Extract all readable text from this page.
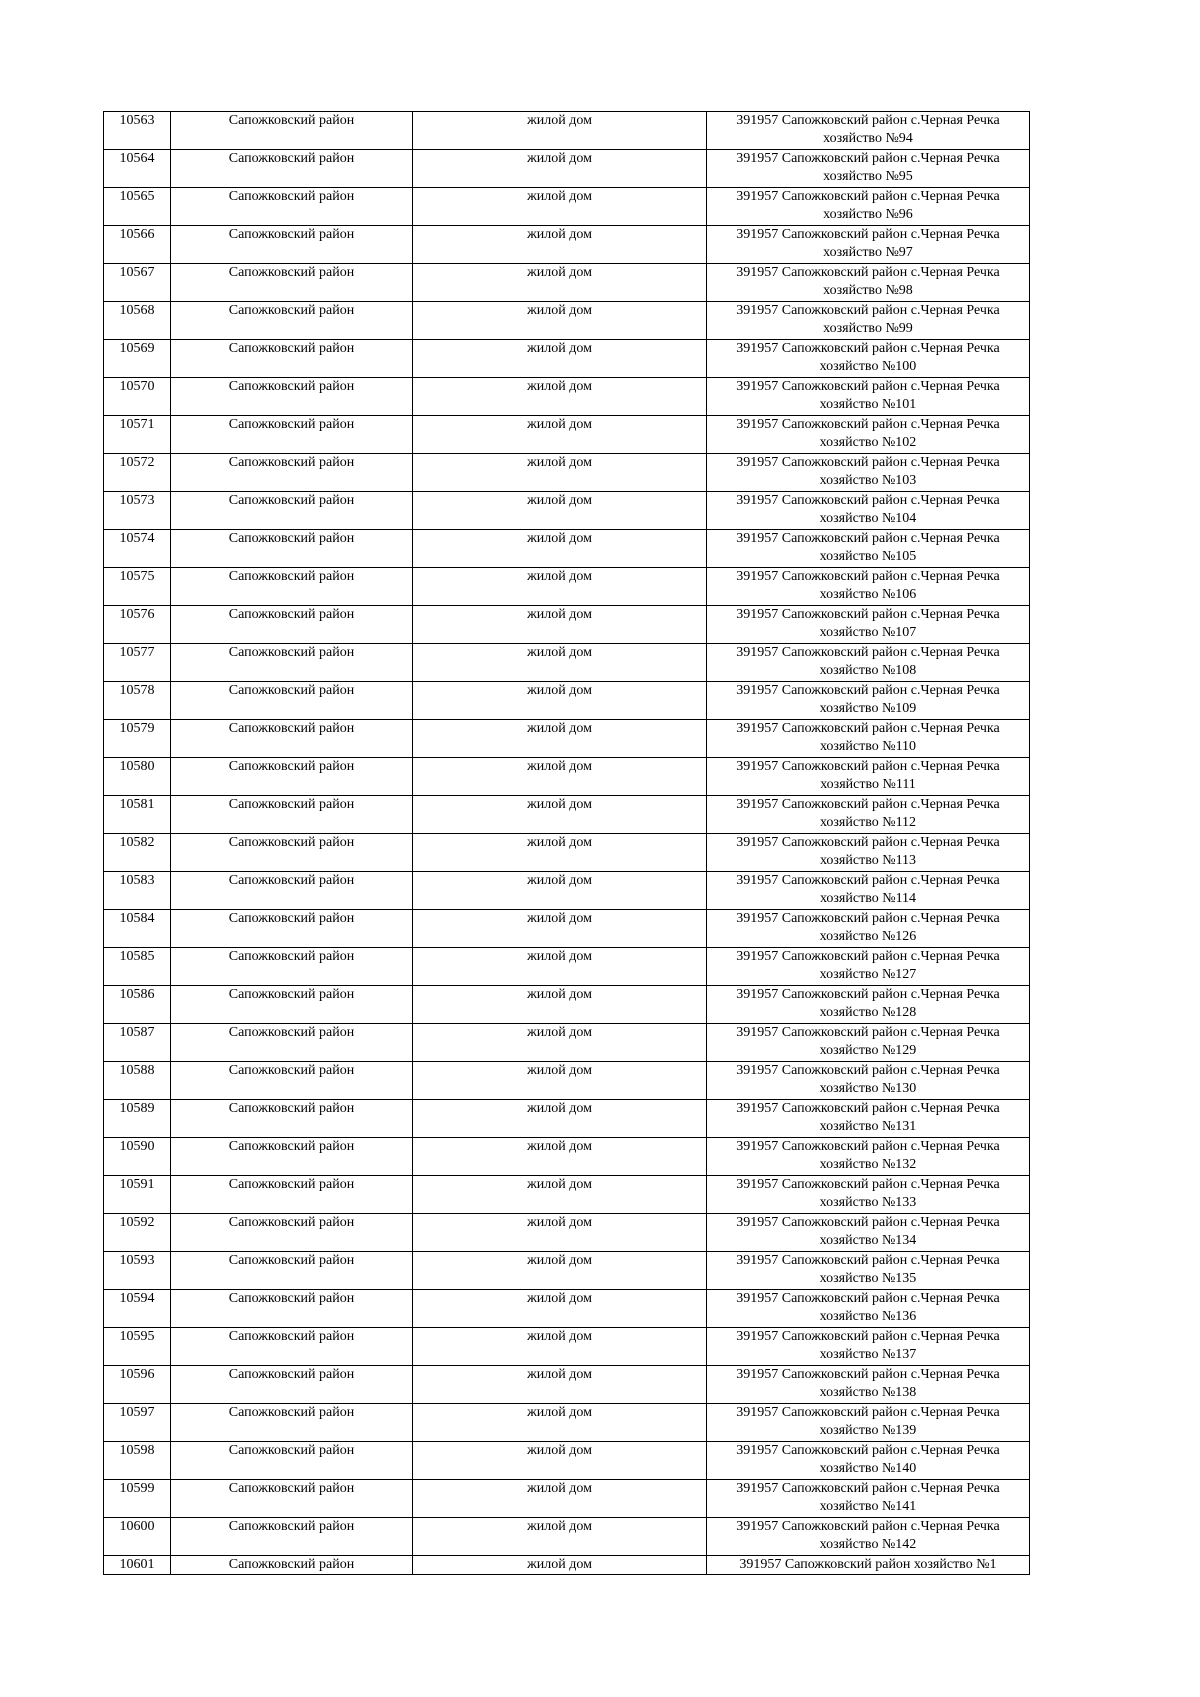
10563	Сапожковский район	жилой дом	391957 Сапожковский район с.Черная Речка
хозяйство №94

10564	Сапожковский район	жилой дом	391957 Сапожковский район с.Черная Речка
хозяйство №95

10565	Сапожковский район	жилой дом	391957 Сапожковский район с.Черная Речка
хозяйство №96

10566	Сапожковский район	жилой дом	391957 Сапожковский район с.Черная Речка
хозяйство №97

10567	Сапожковский район	жилой дом	391957 Сапожковский район с.Черная Речка
хозяйство №98

10568	Сапожковский район	жилой дом	391957 Сапожковский район с.Черная Речка
хозяйство №99

10569	Сапожковский район	жилой дом	391957 Сапожковский район с.Черная Речка
хозяйство №100

10570	Сапожковский район	жилой дом	391957 Сапожковский район с.Черная Речка
хозяйство №101

10571	Сапожковский район	жилой дом	391957 Сапожковский район с.Черная Речка
хозяйство №102

10572	Сапожковский район	жилой дом	391957 Сапожковский район с.Черная Речка
хозяйство №103

10573	Сапожковский район	жилой дом	391957 Сапожковский район с.Черная Речка
хозяйство №104

10574	Сапожковский район	жилой дом	391957 Сапожковский район с.Черная Речка
хозяйство №105

10575	Сапожковский район	жилой дом	391957 Сапожковский район с.Черная Речка
хозяйство №106

10576	Сапожковский район	жилой дом	391957 Сапожковский район с.Черная Речка
хозяйство №107

10577	Сапожковский район	жилой дом	391957 Сапожковский район с.Черная Речка
хозяйство №108

10578	Сапожковский район	жилой дом	391957 Сапожковский район с.Черная Речка
хозяйство №109

10579	Сапожковский район	жилой дом	391957 Сапожковский район с.Черная Речка
хозяйство №110

10580	Сапожковский район	жилой дом	391957 Сапожковский район с.Черная Речка
хозяйство №111

10581	Сапожковский район	жилой дом	391957 Сапожковский район с.Черная Речка
хозяйство №112

10582	Сапожковский район	жилой дом	391957 Сапожковский район с.Черная Речка
хозяйство №113

10583	Сапожковский район	жилой дом	391957 Сапожковский район с.Черная Речка
хозяйство №114

10584	Сапожковский район	жилой дом	391957 Сапожковский район с.Черная Речка
хозяйство №126

10585	Сапожковский район	жилой дом	391957 Сапожковский район с.Черная Речка
хозяйство №127

10586	Сапожковский район	жилой дом	391957 Сапожковский район с.Черная Речка
хозяйство №128

10587	Сапожковский район	жилой дом	391957 Сапожковский район с.Черная Речка
хозяйство №129

10588	Сапожковский район	жилой дом	391957 Сапожковский район с.Черная Речка
хозяйство №130

10589	Сапожковский район	жилой дом	391957 Сапожковский район с.Черная Речка
хозяйство №131

10590	Сапожковский район	жилой дом	391957 Сапожковский район с.Черная Речка
хозяйство №132

10591	Сапожковский район	жилой дом	391957 Сапожковский район с.Черная Речка
хозяйство №133

10592	Сапожковский район	жилой дом	391957 Сапожковский район с.Черная Речка
хозяйство №134

10593	Сапожковский район	жилой дом	391957 Сапожковский район с.Черная Речка
хозяйство №135

10594	Сапожковский район	жилой дом	391957 Сапожковский район с.Черная Речка
хозяйство №136

10595	Сапожковский район	жилой дом	391957 Сапожковский район с.Черная Речка
хозяйство №137

10596	Сапожковский район	жилой дом	391957 Сапожковский район с.Черная Речка
хозяйство №138

10597	Сапожковский район	жилой дом	391957 Сапожковский район с.Черная Речка
хозяйство №139

10598	Сапожковский район	жилой дом	391957 Сапожковский район с.Черная Речка
хозяйство №140

10599	Сапожковский район	жилой дом	391957 Сапожковский район с.Черная Речка
хозяйство №141

10600	Сапожковский район	жилой дом	391957 Сапожковский район с.Черная Речка
хозяйство №142

10601	Сапожковский район	жилой дом	391957 Сапожковский район хозяйство №1
